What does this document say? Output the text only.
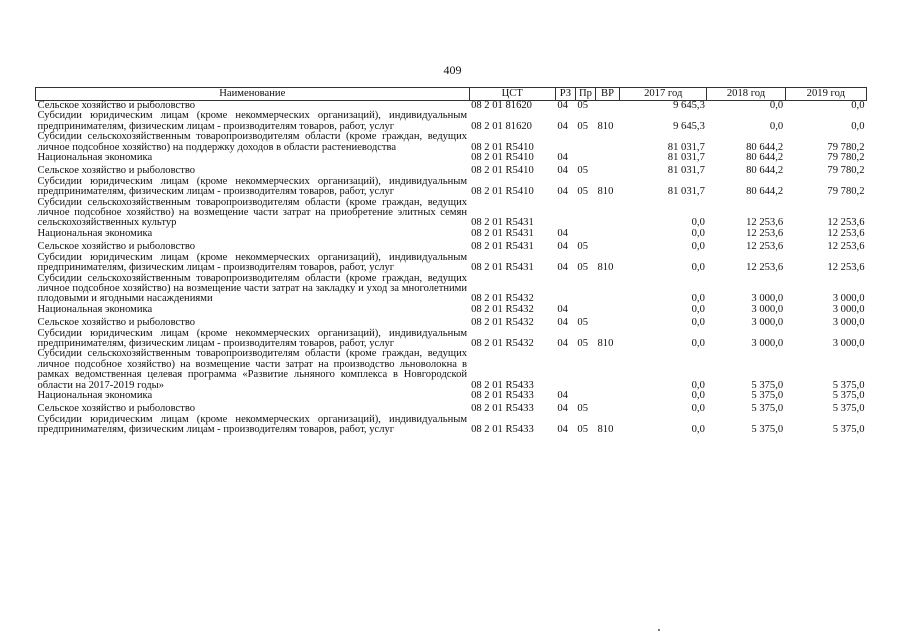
409
Наименование	ЦСТ	РЗ	Пр	ВР	2017 год	2018 год	2019 год
Сельское хозяйство и рыболовство	08 2 01 81620	04	05		9 645,3	0,0	0,0
Субсидии юридическим лицам (кроме некоммерческих организаций), индивидуальным предпринимателям, физическим лицам - производителям товаров, работ, услуг	08 2 01 81620	04	05	810	9 645,3	0,0	0,0
Субсидии сельскохозяйственным товаропроизводителям области (кроме граждан, ведущих личное подсобное хозяйство) на поддержку доходов в области растениеводства	08 2 01 R5410				81 031,7	80 644,2	79 780,2
Национальная экономика	08 2 01 R5410	04			81 031,7	80 644,2	79 780,2
Сельское хозяйство и рыболовство	08 2 01 R5410	04	05		81 031,7	80 644,2	79 780,2
Субсидии юридическим лицам (кроме некоммерческих организаций), индивидуальным предпринимателям, физическим лицам - производителям товаров, работ, услуг	08 2 01 R5410	04	05	810	81 031,7	80 644,2	79 780,2
Субсидии сельскохозяйственным товаропроизводителям области (кроме граждан, ведущих личное подсобное хозяйство) на возмещение части затрат на приобретение элитных семян сельскохозяйственных культур	08 2 01 R5431				0,0	12 253,6	12 253,6
Национальная экономика	08 2 01 R5431	04			0,0	12 253,6	12 253,6
Сельское хозяйство и рыболовство	08 2 01 R5431	04	05		0,0	12 253,6	12 253,6
Субсидии юридическим лицам (кроме некоммерческих организаций), индивидуальным предпринимателям, физическим лицам - производителям товаров, работ, услуг	08 2 01 R5431	04	05	810	0,0	12 253,6	12 253,6
Субсидии сельскохозяйственным товаропроизводителям области (кроме граждан, ведущих личное подсобное хозяйство) на возмещение части затрат на закладку и уход за многолетними плодовыми и ягодными насаждениями	08 2 01 R5432				0,0	3 000,0	3 000,0
Национальная экономика	08 2 01 R5432	04			0,0	3 000,0	3 000,0
Сельское хозяйство и рыболовство	08 2 01 R5432	04	05		0,0	3 000,0	3 000,0
Субсидии юридическим лицам (кроме некоммерческих организаций), индивидуальным предпринимателям, физическим лицам - производителям товаров, работ, услуг	08 2 01 R5432	04	05	810	0,0	3 000,0	3 000,0
Субсидии сельскохозяйственным товаропроизводителям области (кроме граждан, ведущих личное подсобное хозяйство) на возмещение части затрат на производство льноволокна в рамках ведомственная целевая программа «Развитие льняного комплекса в Новгородской области на 2017-2019 годы»	08 2 01 R5433				0,0	5 375,0	5 375,0
Национальная экономика	08 2 01 R5433	04			0,0	5 375,0	5 375,0
Сельское хозяйство и рыболовство	08 2 01 R5433	04	05		0,0	5 375,0	5 375,0
Субсидии юридическим лицам (кроме некоммерческих организаций), индивидуальным предпринимателям, физическим лицам - производителям товаров, работ, услуг	08 2 01 R5433	04	05	810	0,0	5 375,0	5 375,0
